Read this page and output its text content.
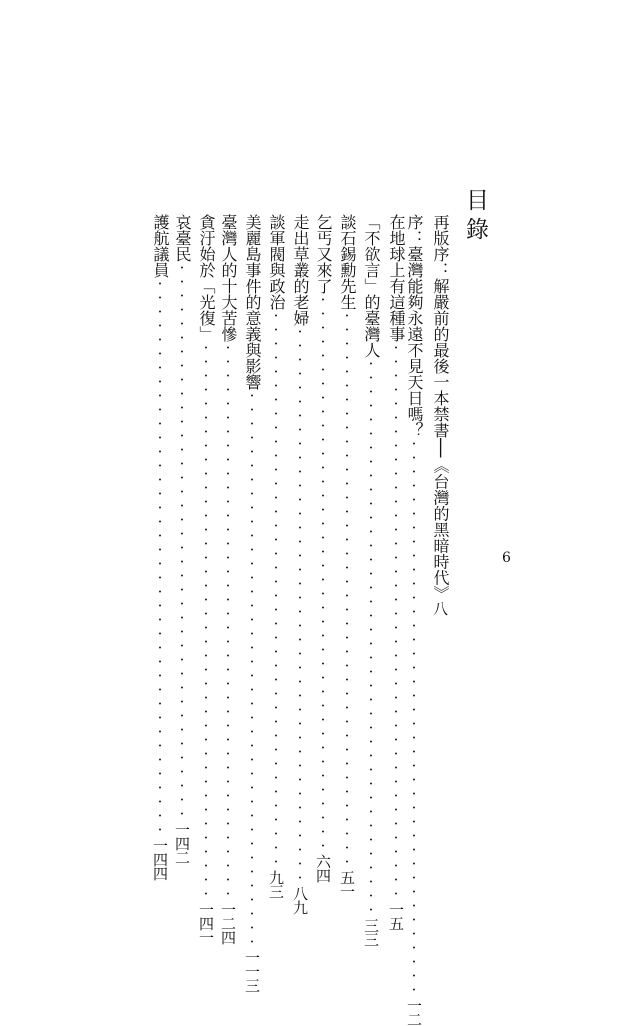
目錄
再版序：解嚴前的最後一本禁書──《台灣的黑暗時代》
八
序：臺灣能夠永遠不見天日嗎？
・・・・・・・・・・・・・・・・・・・・・・・・・・・・・・・・・・・・・・・・
一二
在地球上有這種事
・・・・・・・・・・・・・・・・・・・・・・・・・・・・・・・・・・・・・・・・
一五
「不欲言」的臺灣人
・・・・・・・・・・・・・・・・・・・・・・・・・・・・・・・・・・・・・・・・
三三
談石錫勳先生
・・・・・・・・・・・・・・・・・・・・・・・・・・・・・・・・・・・・・・・・
五一
乞丐又來了
・・・・・・・・・・・・・・・・・・・・・・・・・・・・・・・・・・・・・・・・
六四
走出草叢的老婦
・・・・・・・・・・・・・・・・・・・・・・・・・・・・・・・・・・・・・・・・
八九
談軍閥與政治
・・・・・・・・・・・・・・・・・・・・・・・・・・・・・・・・・・・・・・・・
九三
美麗島事件的意義與影響
・・・・・・・・・・・・・・・・・・・・・・・・・・・・・・・・・・・・・・・・
一一三
臺灣人的十大苦慘
・・・・・・・・・・・・・・・・・・・・・・・・・・・・・・・・・・・・・・・・
一二四
貪汙始於「光復」
・・・・・・・・・・・・・・・・・・・・・・・・・・・・・・・・・・・・・・・・
一四一
哀臺民
・・・・・・・・・・・・・・・・・・・・・・・・・・・・・・・・・・・・・・・・
一四二
護航議員
・・・・・・・・・・・・・・・・・・・・・・・・・・・・・・・・・・・・・・・・
一四四
6
